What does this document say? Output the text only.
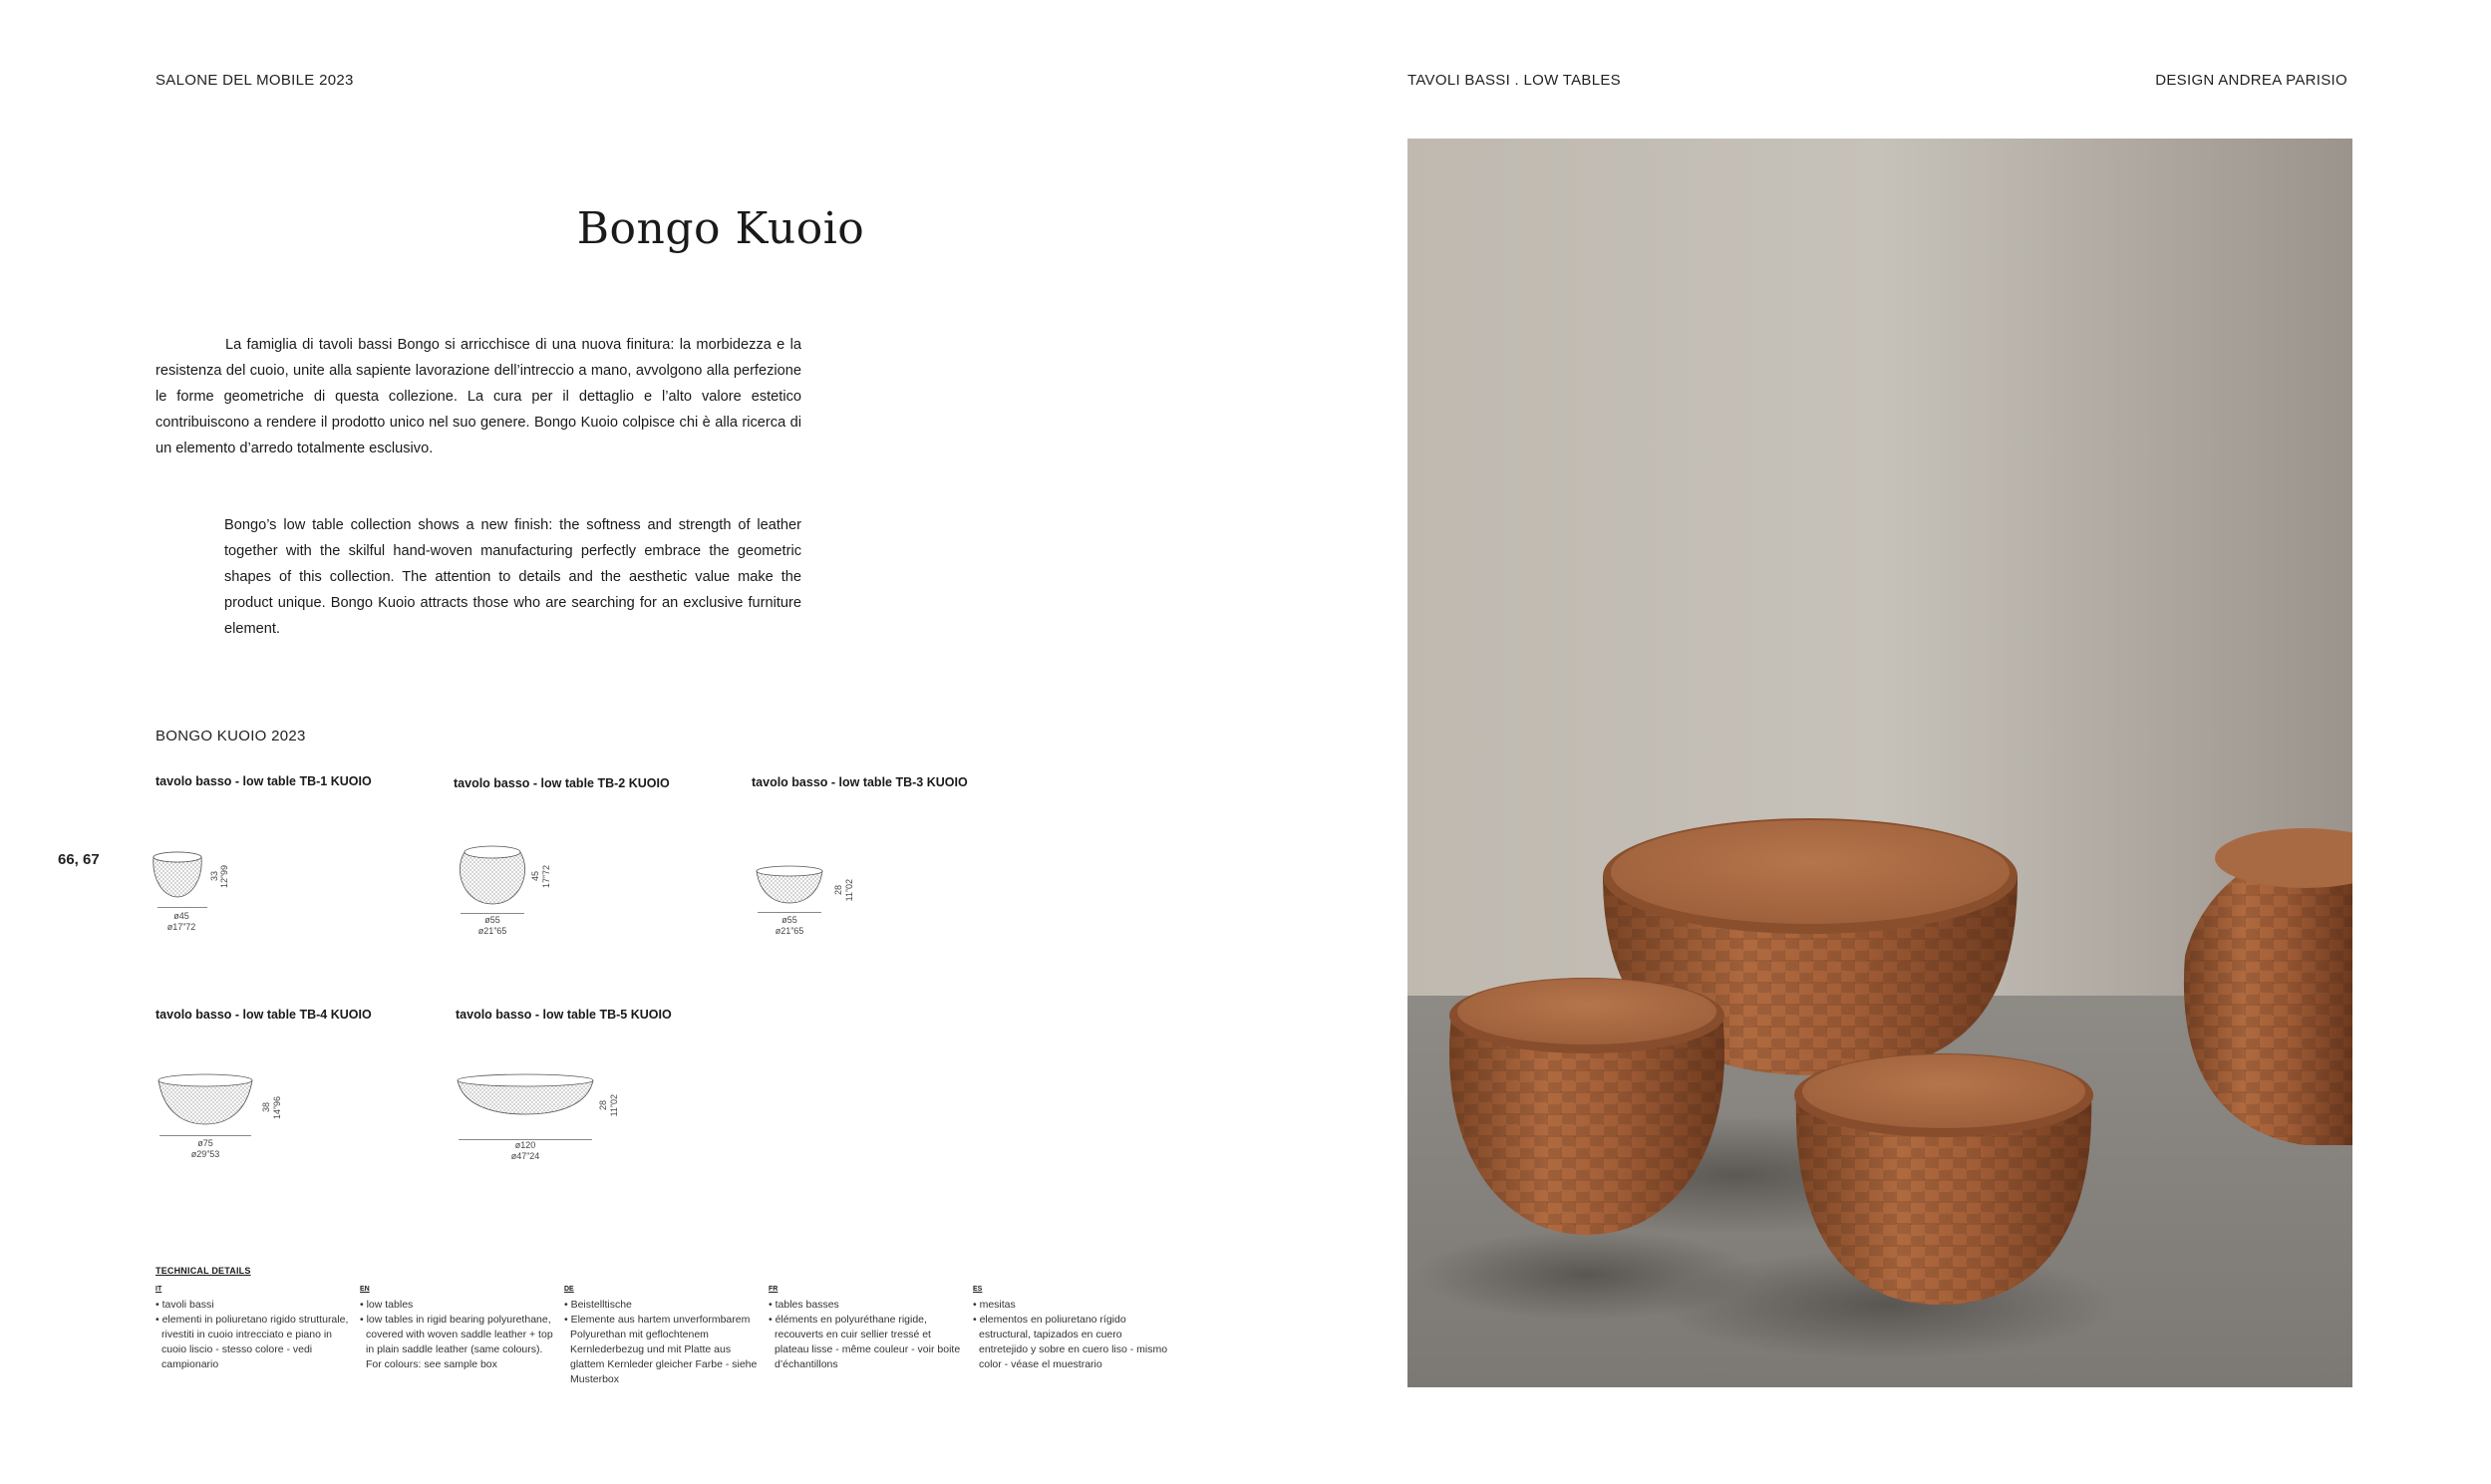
SALONE DEL MOBILE 2023	TAVOLI BASSI . LOW TABLES	DESIGN ANDREA PARISIO
Bongo Kuoio

La famiglia di tavoli bassi Bongo si arricchisce di una nuova finitura: la morbidezza e la resistenza del cuoio, unite alla sapiente lavorazione dell’intreccio a mano, avvolgono alla perfezione le forme geometriche di questa collezione. La cura per il dettaglio e l’alto valore estetico contribuiscono a rendere il prodotto unico nel suo genere. Bongo Kuoio colpisce chi è alla ricerca di un elemento d’arredo totalmente esclusivo.

Bongo’s low table collection shows a new finish: the softness and strength of leather together with the skilful hand-woven manufacturing perfectly embrace the geometric shapes of this collection. The attention to details and the aesthetic value make the product unique. Bongo Kuoio attracts those who are searching for an exclusive furniture element.

BONGO KUOIO 2023
66, 67
tavolo basso - low table TB-1 KUOIO
33 12”99
ø45
ø17”72
tavolo basso - low table TB-2 KUOIO
45 17”72
ø55
ø21”65
tavolo basso - low table TB-3 KUOIO
28 11”02
ø55
ø21”65
tavolo basso - low table TB-4 KUOIO
38 14”96
ø75
ø29”53
tavolo basso - low table TB-5 KUOIO
28 11”02
ø120
ø47”24
TECHNICAL DETAILS
IT
• tavoli bassi
• elementi in poliuretano rigido strutturale, rivestiti in cuoio intrecciato e piano in cuoio liscio - stesso colore - vedi campionario
EN
• low tables
• low tables in rigid bearing polyurethane, covered with woven saddle leather + top in plain saddle leather (same colours). For colours: see sample box
DE
• Beistelltische
• Elemente aus hartem unverformbarem Polyurethan mit geflochtenem Kernlederbezug und mit Platte aus glattem Kernleder gleicher Farbe - siehe Musterbox
FR
• tables basses
• éléments en polyuréthane rigide, recouverts en cuir sellier tressé et plateau lisse - même couleur - voir boite d’échantillons
ES
• mesitas
• elementos en poliuretano rígido estructural, tapizados en cuero entretejido y sobre en cuero liso - mismo color - véase el muestrario
